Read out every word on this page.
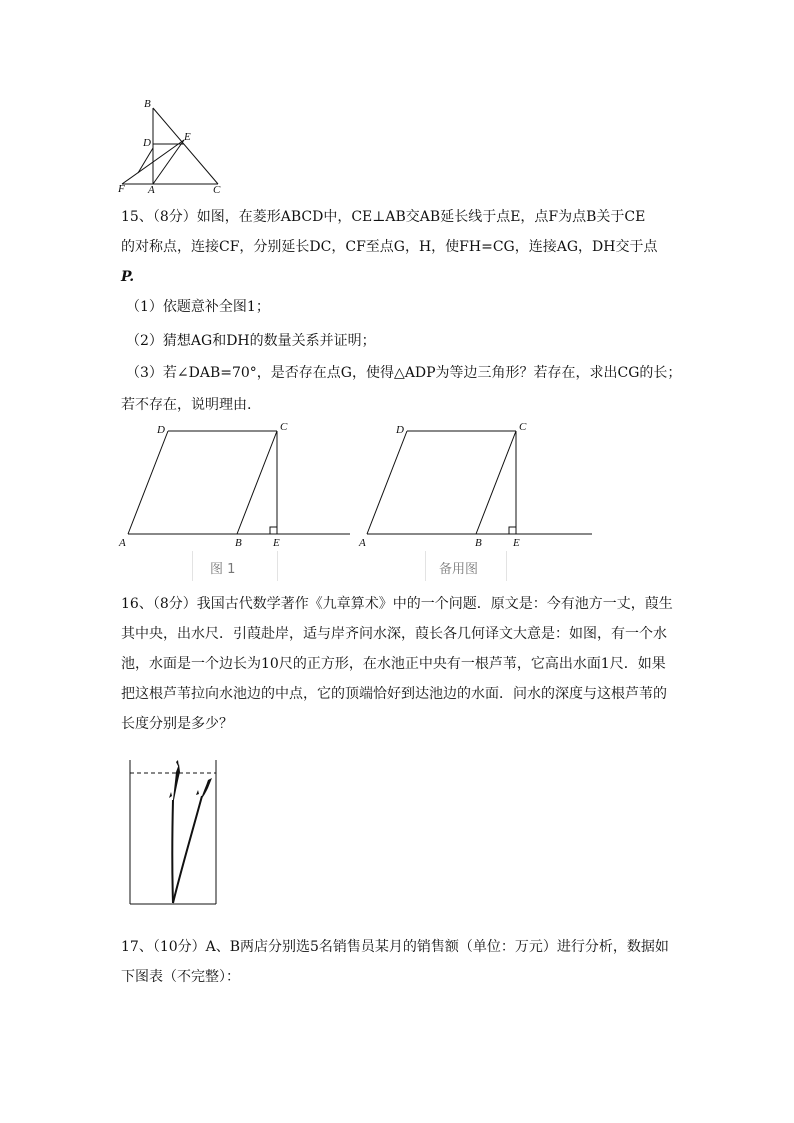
B
D	E
F A	C
15、（8分）如图，在菱形ABCD中，CE⊥AB交AB延长线于点E，点F为点B关于CE
的对称点，连接CF，分别延长DC，CF至点G，H，使FH=CG，连接AG，DH交于点
P.
（1）依题意补全图1；
（2）猜想AG和DH的数量关系并证明；
（3）若∠DAB=70°，是否存在点G，使得△ADP为等边三角形？若存在，求出CG的长；
若不存在，说明理由.
D	C
A	B	E
图 1
D	C
A	B	E
备用图
16、（8分）我国古代数学著作《九章算术》中的一个问题．原文是：今有池方一丈，葭生
其中央，出水尺．引葭赴岸，适与岸齐问水深，葭长各几何译文大意是：如图，有一个水
池，水面是一个边长为10尺的正方形，在水池正中央有一根芦苇，它高出水面1尺．如果
把这根芦苇拉向水池边的中点，它的顶端恰好到达池边的水面．问水的深度与这根芦苇的
长度分别是多少？
17、（10分）A、B两店分别选5名销售员某月的销售额（单位：万元）进行分析，数据如
下图表（不完整）：
